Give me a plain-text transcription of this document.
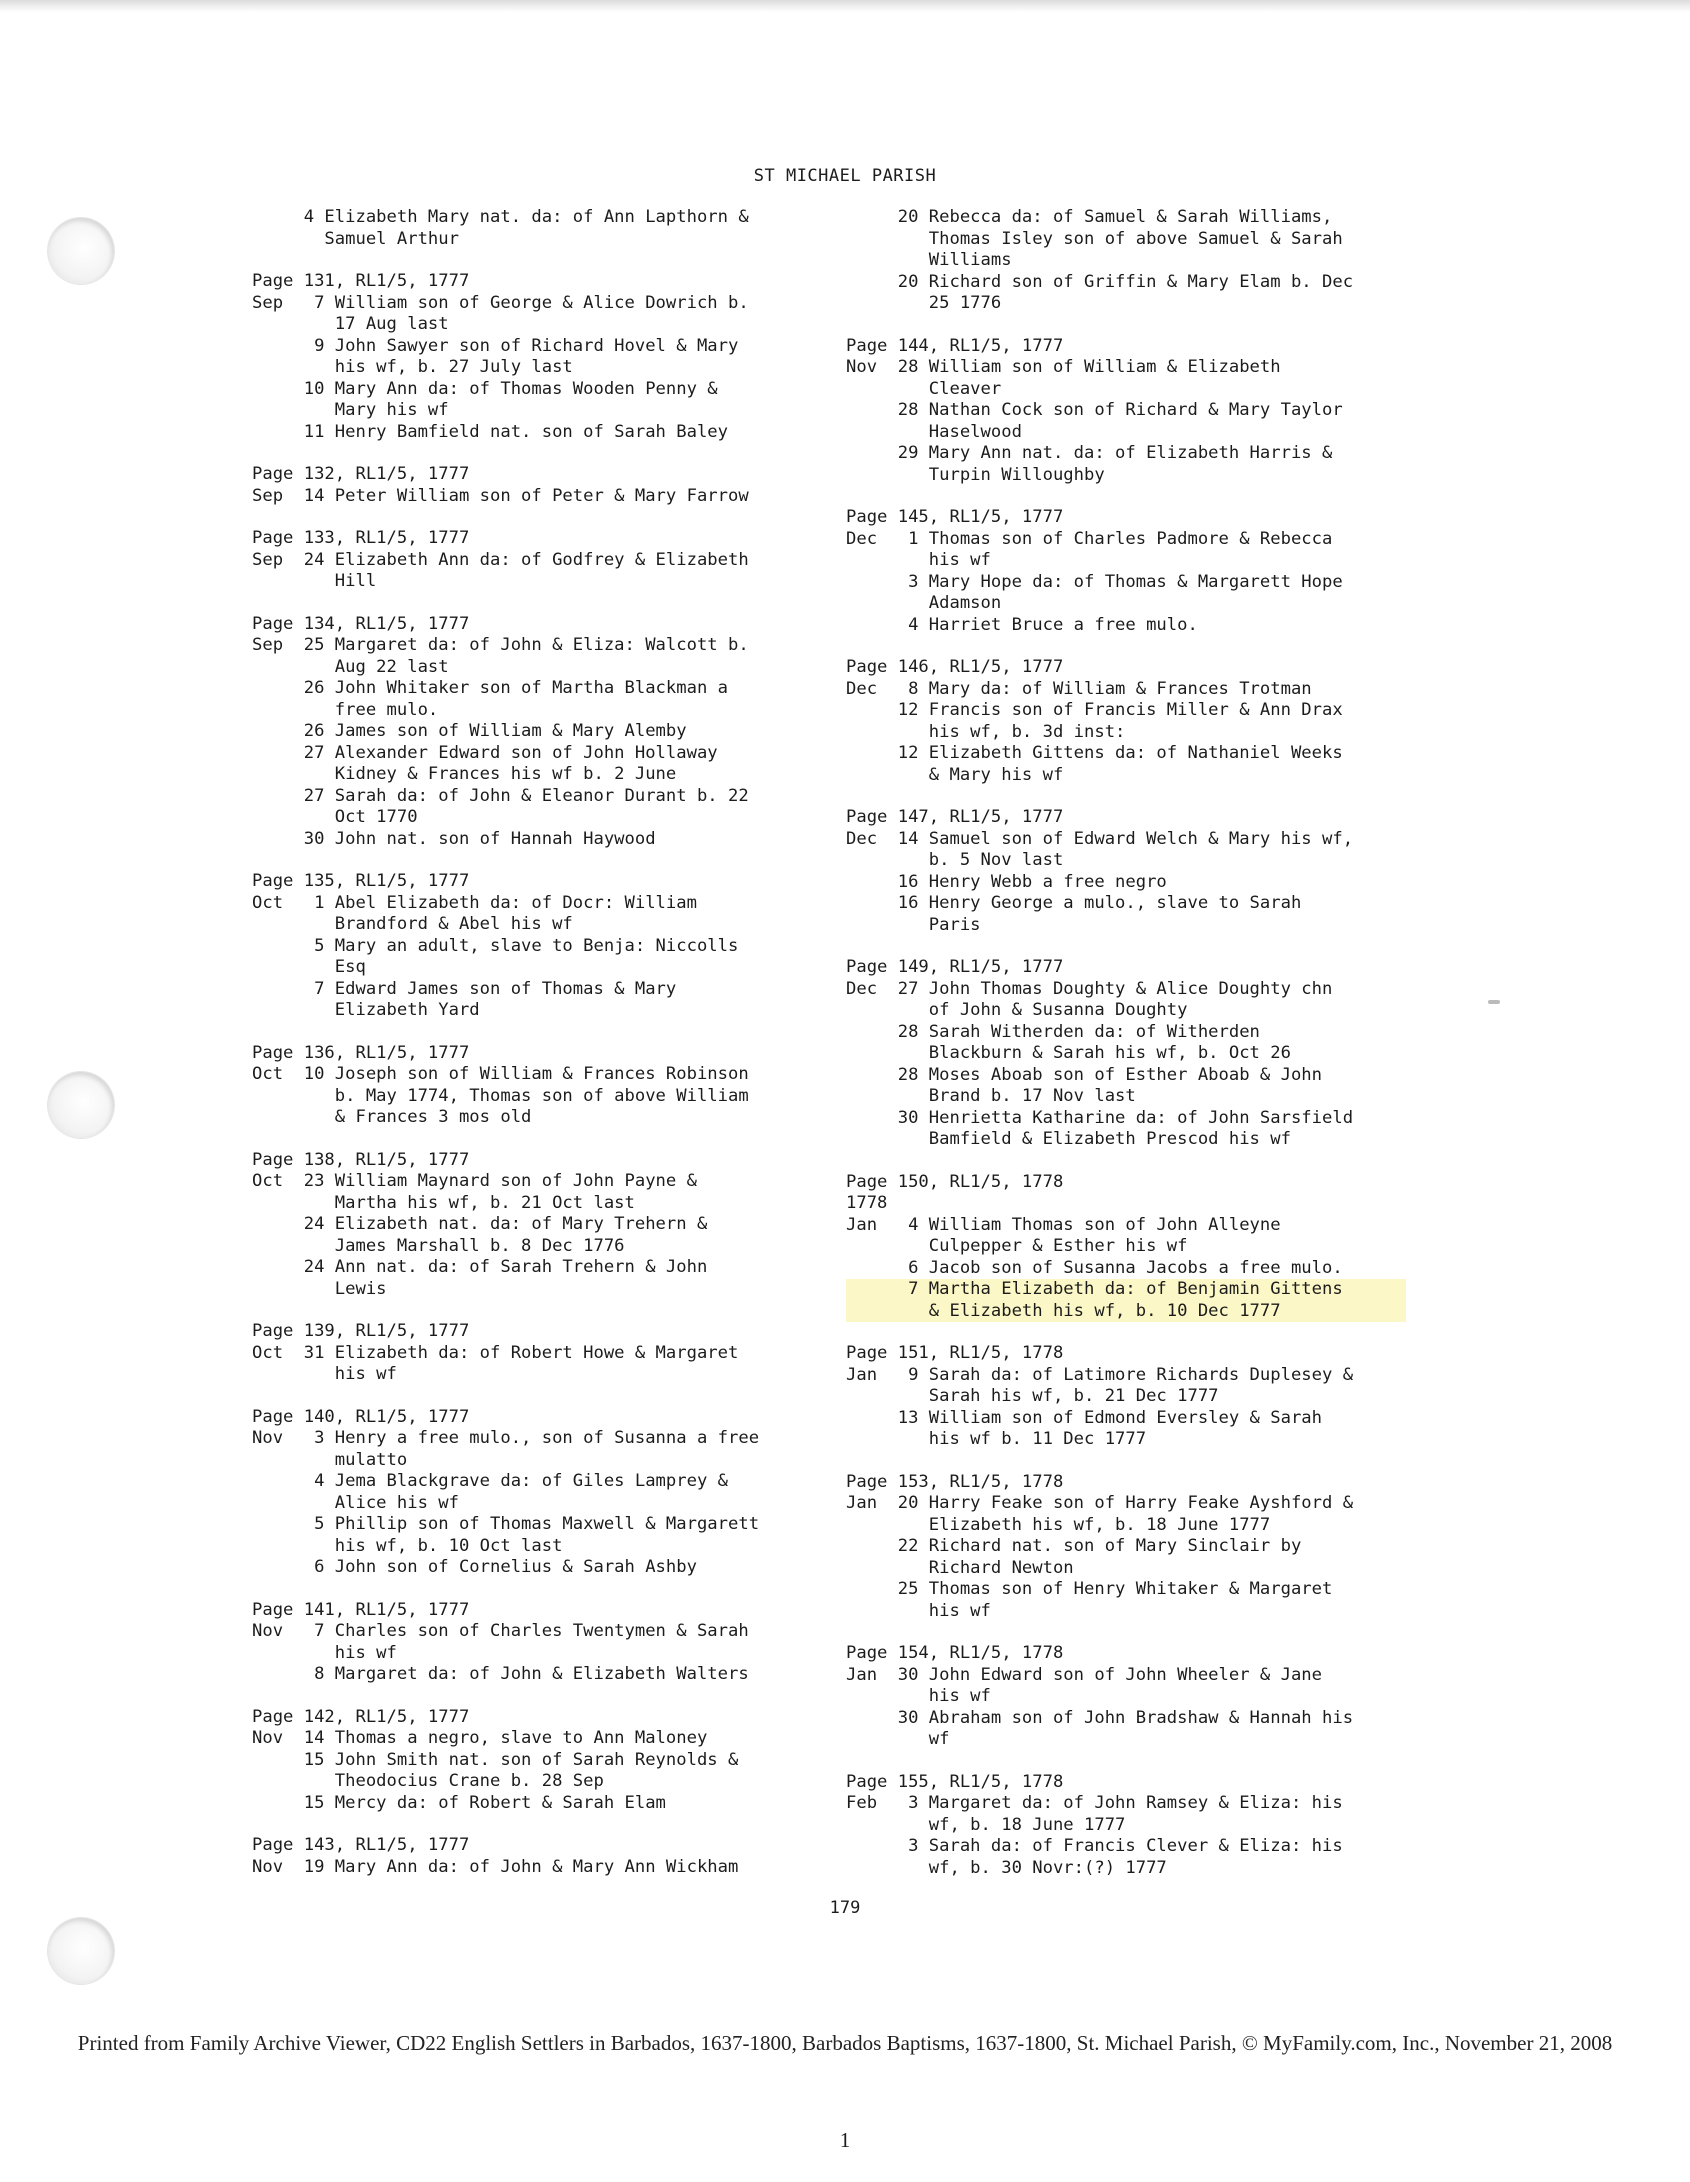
ST MICHAEL PARISH
4 Elizabeth Mary nat. da: of Ann Lapthorn &
Samuel Arthur
Page 131, RL1/5, 1777
Sep   7 William son of George & Alice Dowrich b.
17 Aug last
9 John Sawyer son of Richard Hovel & Mary
his wf, b. 27 July last
10 Mary Ann da: of Thomas Wooden Penny &
Mary his wf
11 Henry Bamfield nat. son of Sarah Baley
Page 132, RL1/5, 1777
Sep  14 Peter William son of Peter & Mary Farrow
Page 133, RL1/5, 1777
Sep  24 Elizabeth Ann da: of Godfrey & Elizabeth
Hill
Page 134, RL1/5, 1777
Sep  25 Margaret da: of John & Eliza: Walcott b.
Aug 22 last
26 John Whitaker son of Martha Blackman a
free mulo.
26 James son of William & Mary Alemby
27 Alexander Edward son of John Hollaway
Kidney & Frances his wf b. 2 June
27 Sarah da: of John & Eleanor Durant b. 22
Oct 1770
30 John nat. son of Hannah Haywood
Page 135, RL1/5, 1777
Oct   1 Abel Elizabeth da: of Docr: William
Brandford & Abel his wf
5 Mary an adult, slave to Benja: Niccolls
Esq
7 Edward James son of Thomas & Mary
Elizabeth Yard
Page 136, RL1/5, 1777
Oct  10 Joseph son of William & Frances Robinson
b. May 1774, Thomas son of above William
& Frances 3 mos old
Page 138, RL1/5, 1777
Oct  23 William Maynard son of John Payne &
Martha his wf, b. 21 Oct last
24 Elizabeth nat. da: of Mary Trehern &
James Marshall b. 8 Dec 1776
24 Ann nat. da: of Sarah Trehern & John
Lewis
Page 139, RL1/5, 1777
Oct  31 Elizabeth da: of Robert Howe & Margaret
his wf
Page 140, RL1/5, 1777
Nov   3 Henry a free mulo., son of Susanna a free
mulatto
4 Jema Blackgrave da: of Giles Lamprey &
Alice his wf
5 Phillip son of Thomas Maxwell & Margarett
his wf, b. 10 Oct last
6 John son of Cornelius & Sarah Ashby
Page 141, RL1/5, 1777
Nov   7 Charles son of Charles Twentymen & Sarah
his wf
8 Margaret da: of John & Elizabeth Walters
Page 142, RL1/5, 1777
Nov  14 Thomas a negro, slave to Ann Maloney
15 John Smith nat. son of Sarah Reynolds &
Theodocius Crane b. 28 Sep
15 Mercy da: of Robert & Sarah Elam
Page 143, RL1/5, 1777
Nov  19 Mary Ann da: of John & Mary Ann Wickham
20 Rebecca da: of Samuel & Sarah Williams,
Thomas Isley son of above Samuel & Sarah
Williams
20 Richard son of Griffin & Mary Elam b. Dec
25 1776
Page 144, RL1/5, 1777
Nov  28 William son of William & Elizabeth
Cleaver
28 Nathan Cock son of Richard & Mary Taylor
Haselwood
29 Mary Ann nat. da: of Elizabeth Harris &
Turpin Willoughby
Page 145, RL1/5, 1777
Dec   1 Thomas son of Charles Padmore & Rebecca
his wf
3 Mary Hope da: of Thomas & Margarett Hope
Adamson
4 Harriet Bruce a free mulo.
Page 146, RL1/5, 1777
Dec   8 Mary da: of William & Frances Trotman
12 Francis son of Francis Miller & Ann Drax
his wf, b. 3d inst:
12 Elizabeth Gittens da: of Nathaniel Weeks
& Mary his wf
Page 147, RL1/5, 1777
Dec  14 Samuel son of Edward Welch & Mary his wf,
b. 5 Nov last
16 Henry Webb a free negro
16 Henry George a mulo., slave to Sarah
Paris
Page 149, RL1/5, 1777
Dec  27 John Thomas Doughty & Alice Doughty chn
of John & Susanna Doughty
28 Sarah Witherden da: of Witherden
Blackburn & Sarah his wf, b. Oct 26
28 Moses Aboab son of Esther Aboab & John
Brand b. 17 Nov last
30 Henrietta Katharine da: of John Sarsfield
Bamfield & Elizabeth Prescod his wf
Page 150, RL1/5, 1778
1778
Jan   4 William Thomas son of John Alleyne
Culpepper & Esther his wf
6 Jacob son of Susanna Jacobs a free mulo.
7 Martha Elizabeth da: of Benjamin Gittens
& Elizabeth his wf, b. 10 Dec 1777
Page 151, RL1/5, 1778
Jan   9 Sarah da: of Latimore Richards Duplesey &
Sarah his wf, b. 21 Dec 1777
13 William son of Edmond Eversley & Sarah
his wf b. 11 Dec 1777
Page 153, RL1/5, 1778
Jan  20 Harry Feake son of Harry Feake Ayshford &
Elizabeth his wf, b. 18 June 1777
22 Richard nat. son of Mary Sinclair by
Richard Newton
25 Thomas son of Henry Whitaker & Margaret
his wf
Page 154, RL1/5, 1778
Jan  30 John Edward son of John Wheeler & Jane
his wf
30 Abraham son of John Bradshaw & Hannah his
wf
Page 155, RL1/5, 1778
Feb   3 Margaret da: of John Ramsey & Eliza: his
wf, b. 18 June 1777
3 Sarah da: of Francis Clever & Eliza: his
wf, b. 30 Novr:(?) 1777
179
Printed from Family Archive Viewer, CD22 English Settlers in Barbados, 1637-1800, Barbados Baptisms, 1637-1800, St. Michael Parish, © MyFamily.com, Inc., November 21, 2008
1
